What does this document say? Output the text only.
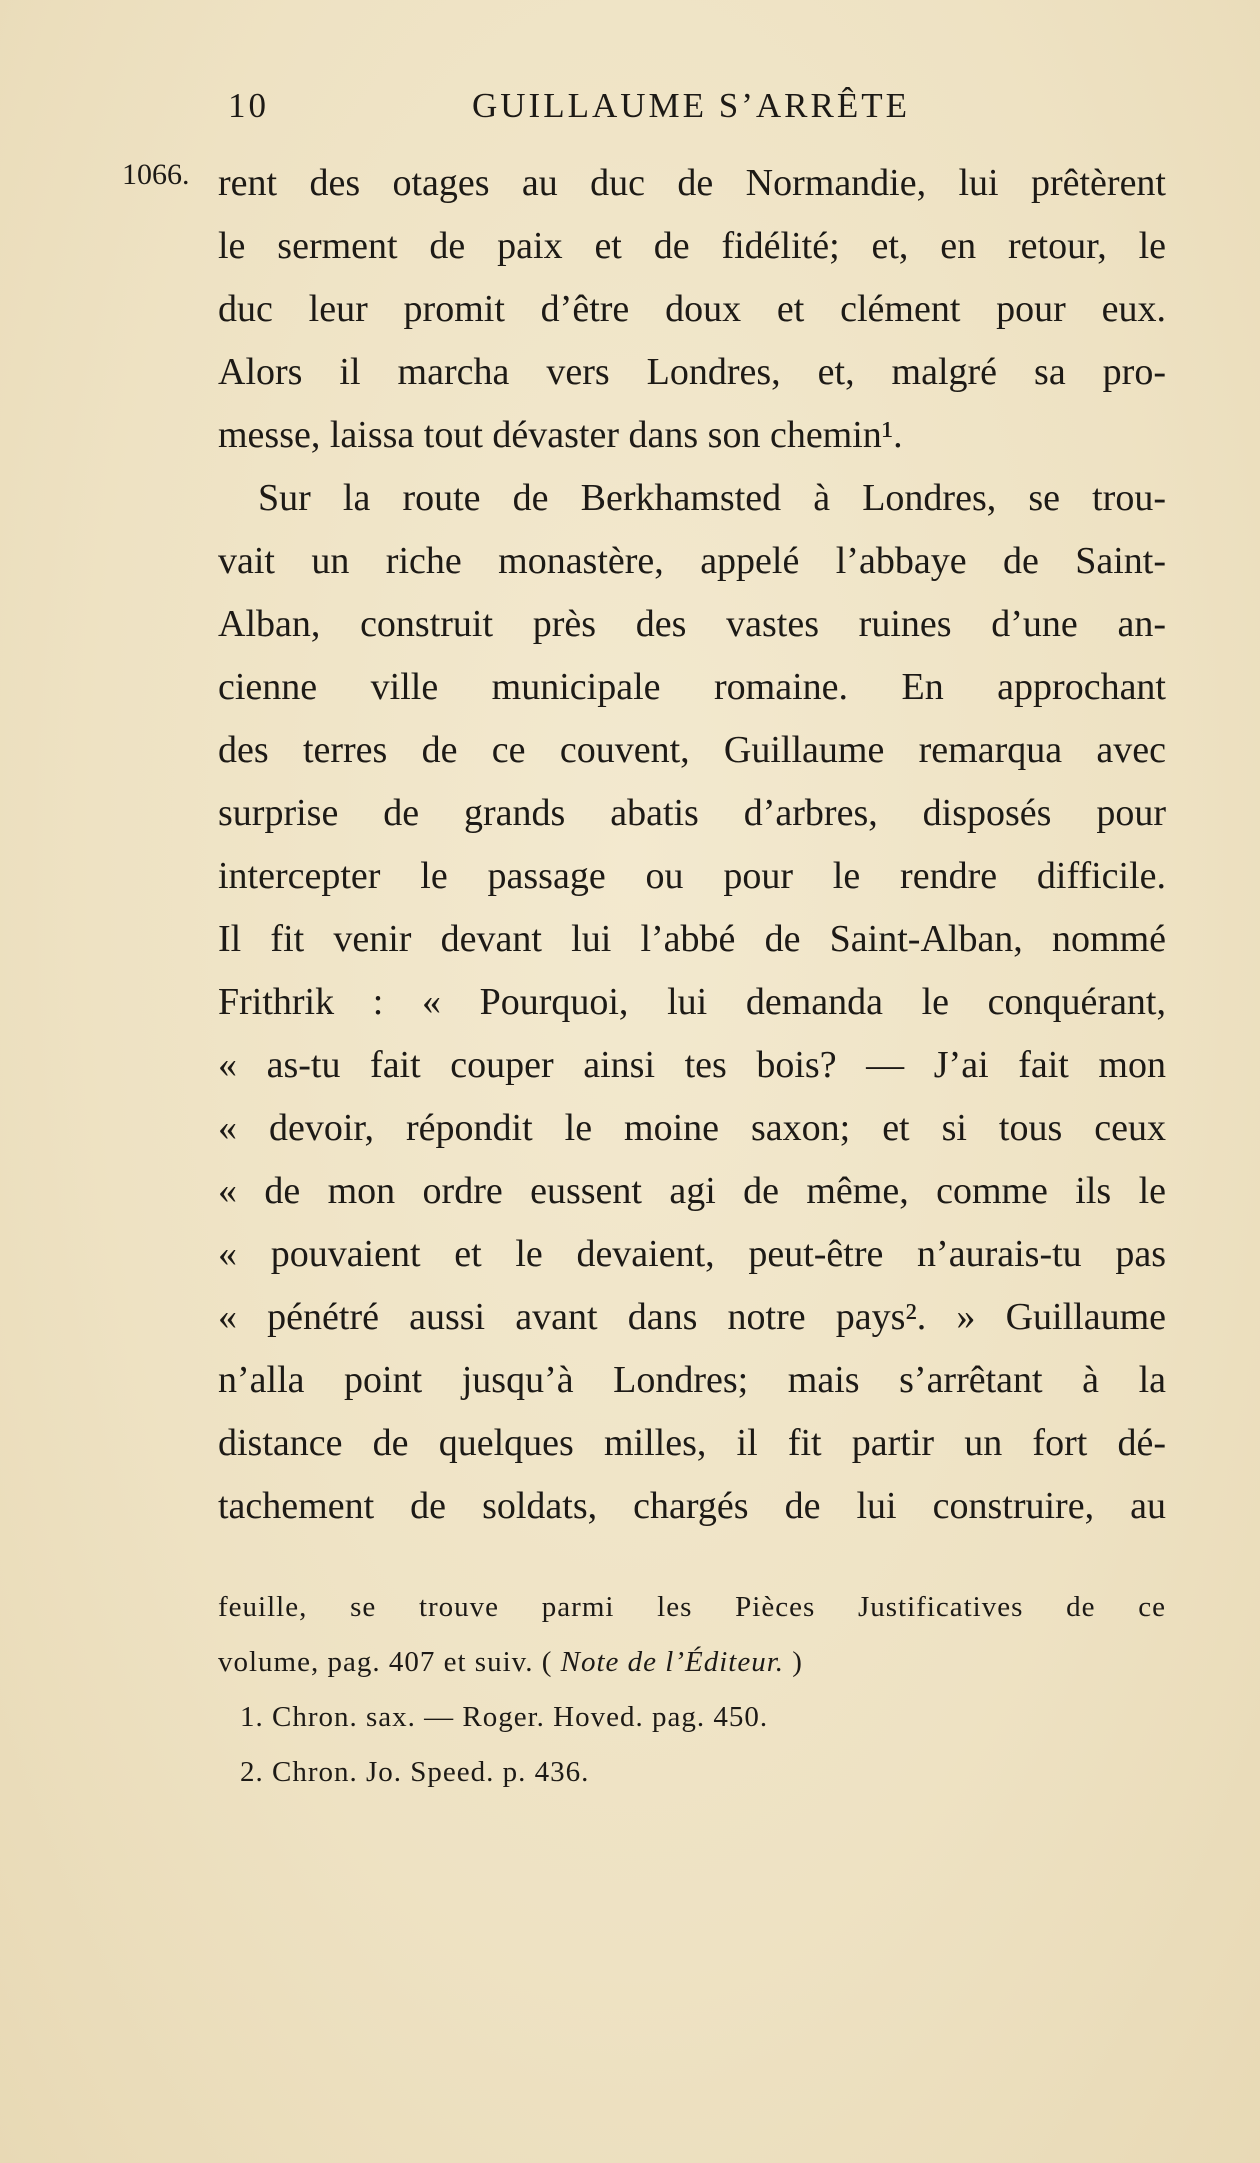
10	GUILLAUME S’ARRÊTE
1066. rent des otages au duc de Normandie, lui prêtèrent
le serment de paix et de fidélité; et, en retour, le
duc leur promit d’être doux et clément pour eux.
Alors il marcha vers Londres, et, malgré sa pro-
messe, laissa tout dévaster dans son chemin¹.
Sur la route de Berkhamsted à Londres, se trou-
vait un riche monastère, appelé l’abbaye de Saint-
Alban, construit près des vastes ruines d’une an-
cienne ville municipale romaine. En approchant
des terres de ce couvent, Guillaume remarqua avec
surprise de grands abatis d’arbres, disposés pour
intercepter le passage ou pour le rendre difficile.
Il fit venir devant lui l’abbé de Saint-Alban, nommé
Frithrik : « Pourquoi, lui demanda le conquérant,
« as-tu fait couper ainsi tes bois? — J’ai fait mon
« devoir, répondit le moine saxon; et si tous ceux
« de mon ordre eussent agi de même, comme ils le
« pouvaient et le devaient, peut-être n’aurais-tu pas
« pénétré aussi avant dans notre pays². » Guillaume
n’alla point jusqu’à Londres; mais s’arrêtant à la
distance de quelques milles, il fit partir un fort dé-
tachement de soldats, chargés de lui construire, au
feuille, se trouve parmi les Pièces Justificatives de ce
volume, pag. 407 et suiv. ( Note de l’Éditeur. )
1. Chron. sax. — Roger. Hoved. pag. 450.
2. Chron. Jo. Speed. p. 436.
